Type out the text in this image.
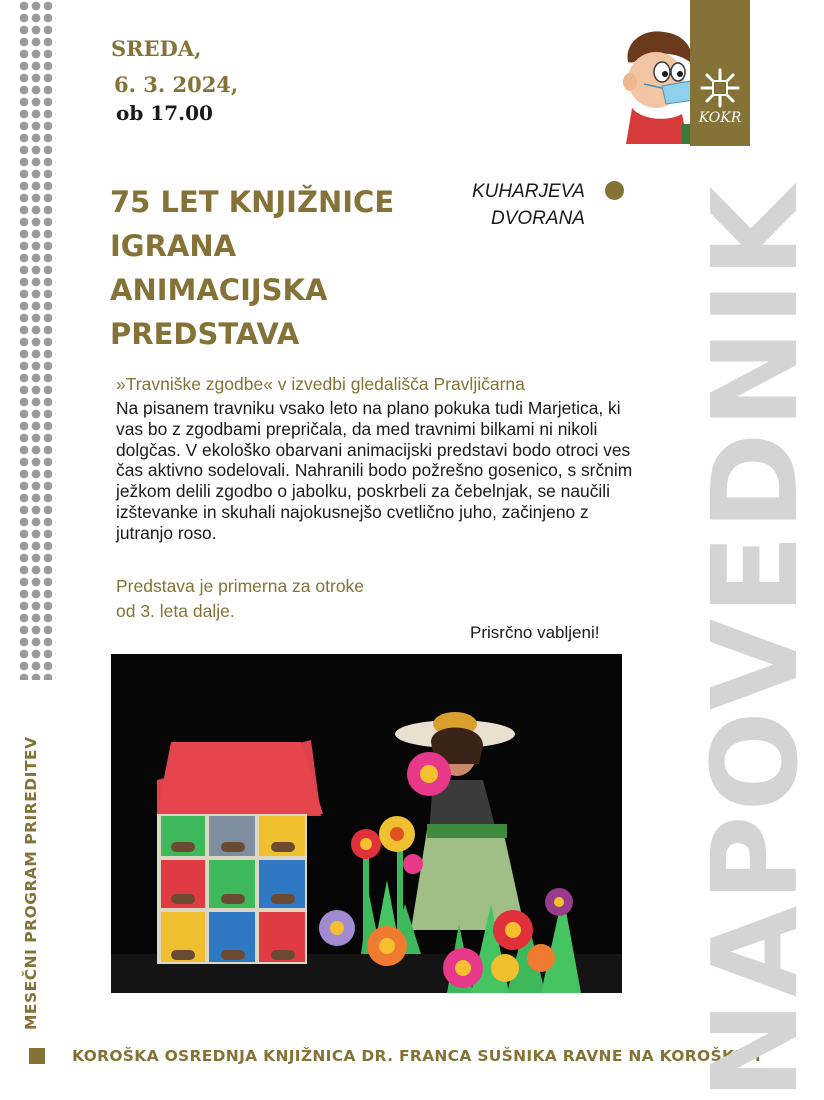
MESEČNI PROGRAM PRIREDITEV
KOROŠKA OSREDNJA KNJIŽNICA DR. FRANCA SUŠNIKA RAVNE NA KOROŠKEM
NAPOVEDNIK
KOKR
SREDA,
6. 3. 2024,
ob 17.00
75 LET KNJIŽNICE
IGRANA
ANIMACIJSKA
PREDSTAVA
KUHARJEVA
DVORANA
»Travniške zgodbe« v izvedbi gledališča Pravljičarna

Na pisanem travniku vsako leto na plano pokuka tudi Marjetica, ki vas bo z zgodbami prepričala, da med travnimi bilkami ni nikoli dolgčas. V ekološko obarvani animacijski predstavi bodo otroci ves čas aktivno sodelovali. Nahranili bodo požrešno gosenico, s srčnim ježkom delili zgodbo o jabolku, poskrbeli za čebelnjak, se naučili izštevanke in skuhali najokusnejšo cvetlično juho, začinjeno z jutranjo roso.

Predstava je primerna za otroke od 3. leta dalje.

Prisrčno vabljeni!
